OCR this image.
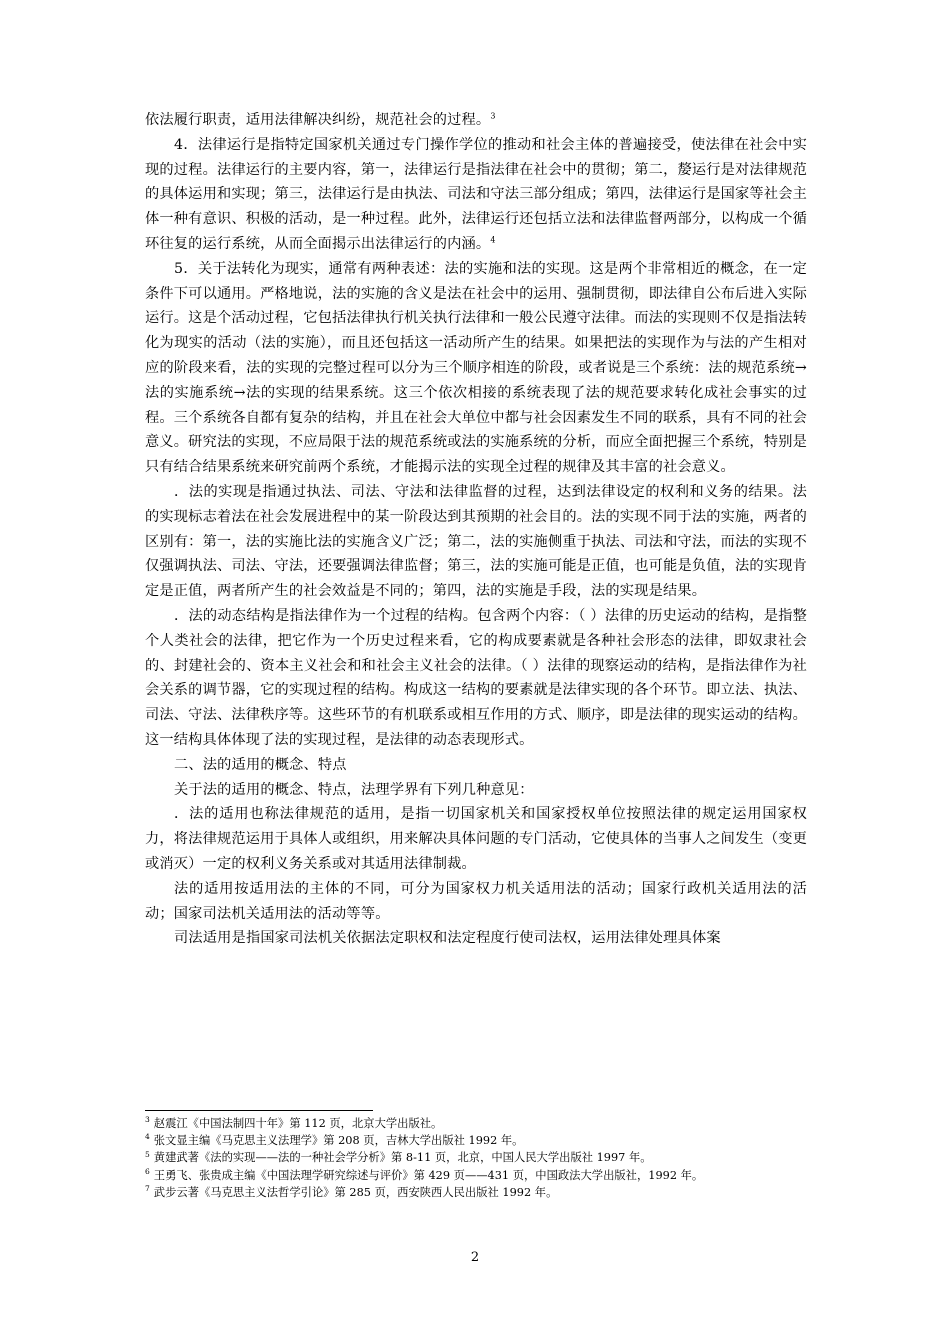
依法履行职责，适用法律解决纠纷，规范社会的过程。$^3$

4．法律运行是指特定国家机关通过专门操作学位的推动和社会主体的普遍接受，使法律在社会中实现的过程。法律运行的主要内容，第一，法律运行是指法律在社会中的贯彻；第二，嫠运行是对法律规范的具体运用和实现；第三，法律运行是由执法、司法和守法三部分组成；第四，法律运行是国家等社会主体一种有意识、积极的活动，是一种过程。此外，法律运行还包括立法和法律监督两部分，以构成一个循环往复的运行系统，从而全面揭示出法律运行的内涵。$^4$

5．关于法转化为现实，通常有两种表述：法的实施和法的实现。这是两个非常相近的概念，在一定条件下可以通用。严格地说，法的实施的含义是法在社会中的运用、强制贯彻，即法律自公布后进入实际运行。这是个活动过程，它包括法律执行机关执行法律和一般公民遵守法律。而法的实现则不仅是指法转化为现实的活动（法的实施），而且还包括这一活动所产生的结果。如果把法的实现作为与法的产生相对应的阶段来看，法的实现的完整过程可以分为三个顺序相连的阶段，或者说是三个系统：法的规范系统→法的实施系统→法的实现的结果系统。这三个依次相接的系统表现了法的规范要求转化成社会事实的过程。三个系统各自都有复杂的结构，并且在社会大单位中都与社会因素发生不同的联系，具有不同的社会意义。研究法的实现，不应局限于法的规范系统或法的实施系统的分析，而应全面把握三个系统，特别是只有结合结果系统来研究前两个系统，才能揭示法的实现全过程的规律及其丰富的社会意义。

．法的实现是指通过执法、司法、守法和法律监督的过程，达到法律设定的权利和义务的结果。法的实现标志着法在社会发展进程中的某一阶段达到其预期的社会目的。法的实现不同于法的实施，两者的区别有：第一，法的实施比法的实施含义广泛；第二，法的实施侧重于执法、司法和守法，而法的实现不仅强调执法、司法、守法，还要强调法律监督；第三，法的实施可能是正值，也可能是负值，法的实现肯定是正值，两者所产生的社会效益是不同的；第四，法的实施是手段，法的实现是结果。

．法的动态结构是指法律作为一个过程的结构。包含两个内容：（ ）法律的历史运动的结构，是指整个人类社会的法律，把它作为一个历史过程来看，它的构成要素就是各种社会形态的法律，即奴隶社会的、封建社会的、资本主义社会和和社会主义社会的法律。（ ）法律的现察运动的结构，是指法律作为社会关系的调节器，它的实现过程的结构。构成这一结构的要素就是法律实现的各个环节。即立法、执法、司法、守法、法律秩序等。这些环节的有机联系或相互作用的方式、顺序，即是法律的现实运动的结构。这一结构具体体现了法的实现过程，是法律的动态表现形式。

二、法的适用的概念、特点

关于法的适用的概念、特点，法理学界有下列几种意见：

．法的适用也称法律规范的适用，是指一切国家机关和国家授权单位按照法律的规定运用国家权力，将法律规范运用于具体人或组织，用来解决具体问题的专门活动，它使具体的当事人之间发生（变更或消灭）一定的权利义务关系或对其适用法律制裁。

法的适用按适用法的主体的不同，可分为国家权力机关适用法的活动；国家行政机关适用法的活动；国家司法机关适用法的活动等等。

司法适用是指国家司法机关依据法定职权和法定程度行使司法权，运用法律处理具体案

$^3$ 赵震江《中国法制四十年》第 112 页，北京大学出版社。

$^4$ 张文显主编《马克思主义法理学》第 208 页，吉林大学出版社 1992 年。

$^5$ 黄建武著《法的实现——法的一种社会学分析》第 8-11 页，北京，中国人民大学出版社 1997 年。

$^6$ 王勇飞、张贵成主编《中国法理学研究综述与评价》第 429 页——431 页，中国政法大学出版社，1992 年。

$^7$ 武步云著《马克思主义法哲学引论》第 285 页，西安陕西人民出版社 1992 年。

2
